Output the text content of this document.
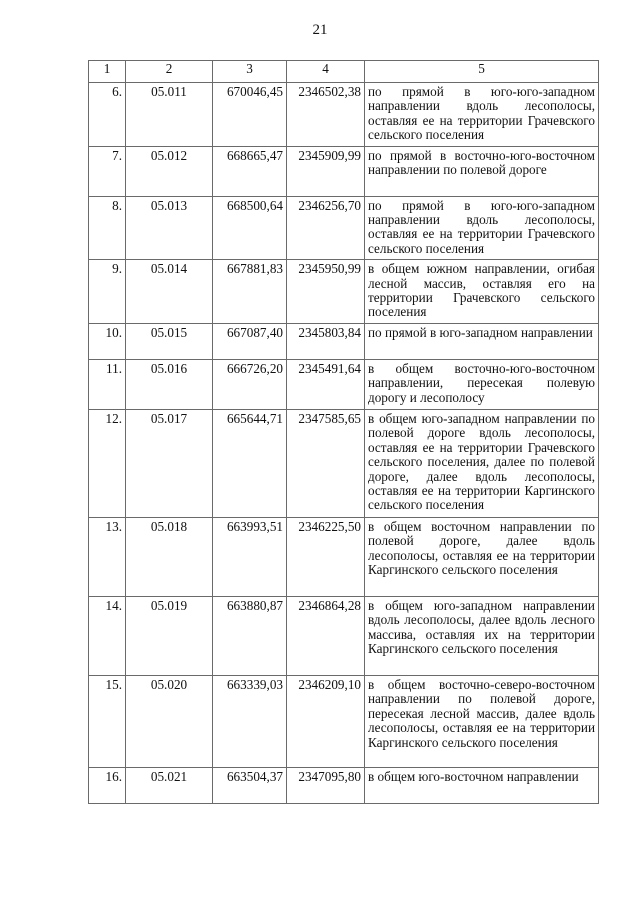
21
1	2	3	4	5
6.	05.011	670046,45	2346502,38	по прямой в юго-юго-западном направлении вдоль лесополосы, оставляя ее на территории Грачевского сельского поселения
7.	05.012	668665,47	2345909,99	по прямой в восточно-юго-восточном направлении по полевой дороге
8.	05.013	668500,64	2346256,70	по прямой в юго-юго-западном направлении вдоль лесополосы, оставляя ее на территории Грачевского сельского поселения
9.	05.014	667881,83	2345950,99	в общем южном направлении, огибая лесной массив, оставляя его на территории Грачевского сельского поселения
10.	05.015	667087,40	2345803,84	по прямой в юго-западном направлении
11.	05.016	666726,20	2345491,64	в общем восточно-юго-восточном направлении, пересекая полевую дорогу и лесополосу
12.	05.017	665644,71	2347585,65	в общем юго-западном направлении по полевой дороге вдоль лесополосы, оставляя ее на территории Грачевского сельского поселения, далее по полевой дороге, далее вдоль лесополосы, оставляя ее на территории Каргинского сельского поселения
13.	05.018	663993,51	2346225,50	в общем восточном направлении по полевой дороге, далее вдоль лесополосы, оставляя ее на территории Каргинского сельского поселения
14.	05.019	663880,87	2346864,28	в общем юго-западном направлении вдоль лесополосы, далее вдоль лесного массива, оставляя их на территории Каргинского сельского поселения
15.	05.020	663339,03	2346209,10	в общем восточно-северо-восточном направлении по полевой дороге, пересекая лесной массив, далее вдоль лесополосы, оставляя ее на территории Каргинского сельского поселения
16.	05.021	663504,37	2347095,80	в общем юго-восточном направлении
